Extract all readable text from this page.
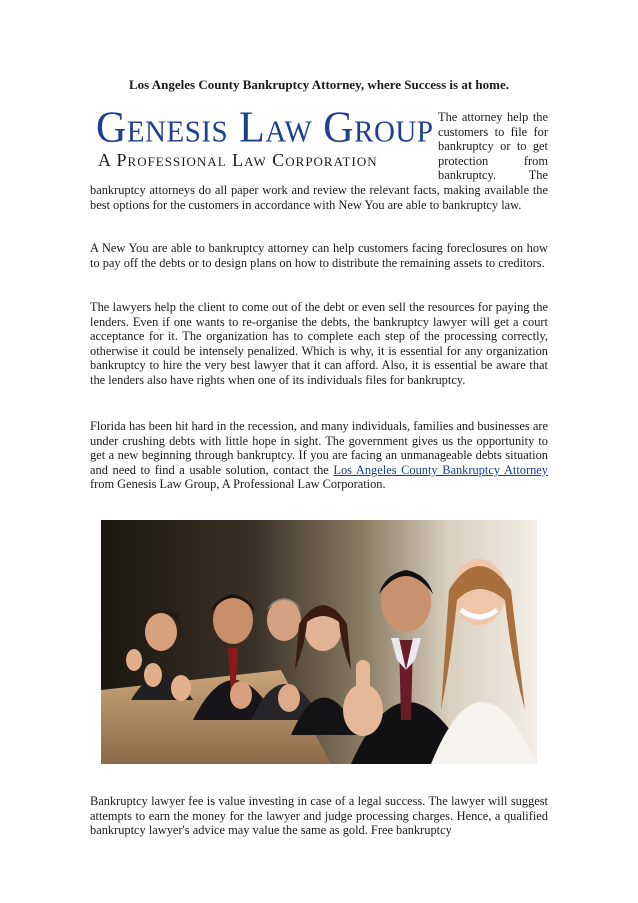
Los Angeles County Bankruptcy Attorney, where Success is at home.
Genesis Law Group
A Professional Law Corporation
The attorney help the customers to file for bankruptcy or to get protection from bankruptcy. The
bankruptcy attorneys do all paper work and review the relevant facts, making available the best options for the customers in accordance with New You are able to bankruptcy law.
A New You are able to bankruptcy attorney can help customers facing foreclosures on how to pay off the debts or to design plans on how to distribute the remaining assets to creditors.
The lawyers help the client to come out of the debt or even sell the resources for paying the lenders. Even if one wants to re-organise the debts, the bankruptcy lawyer will get a court acceptance for it. The organization has to complete each step of the processing correctly, otherwise it could be intensely penalized. Which is why, it is essential for any organization bankruptcy to hire the very best lawyer that it can afford. Also, it is essential be aware that the lenders also have rights when one of its individuals files for bankruptcy.
Florida has been hit hard in the recession, and many individuals, families and businesses are under crushing debts with little hope in sight. The government gives us the opportunity to get a new beginning through bankruptcy. If you are facing an unmanageable debts situation and need to find a usable solution, contact the Los Angeles County Bankruptcy Attorney from Genesis Law Group, A Professional Law Corporation.
Bankruptcy lawyer fee is value investing in case of a legal success. The lawyer will suggest attempts to earn the money for the lawyer and judge processing charges. Hence, a qualified bankruptcy lawyer's advice may value the same as gold. Free bankruptcy
